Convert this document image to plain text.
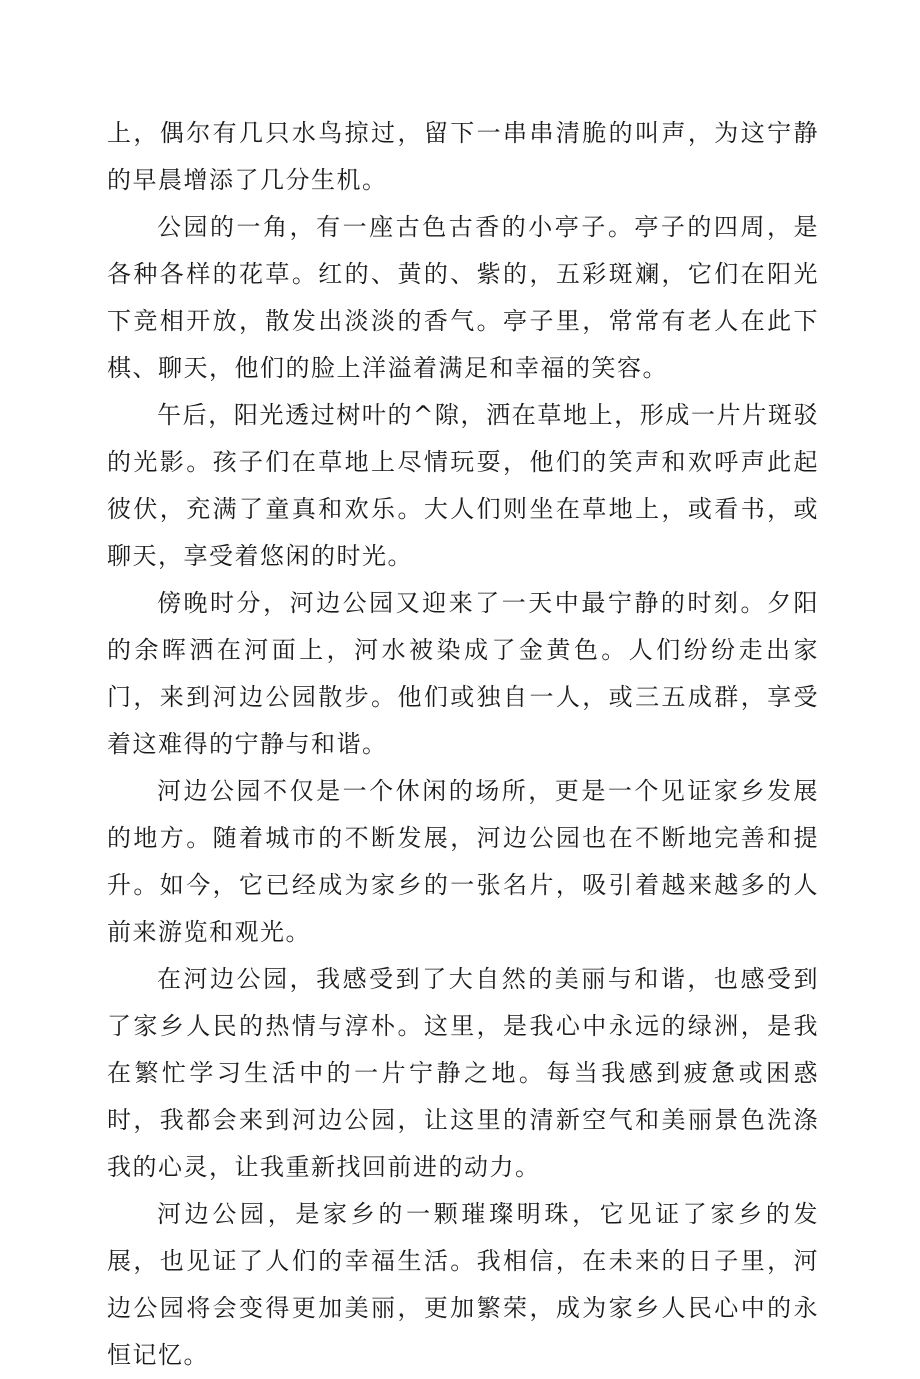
上，偶尔有几只水鸟掠过，留下一串串清脆的叫声，为这宁静的早晨增添了几分生机。

公园的一角，有一座古色古香的小亭子。亭子的四周，是各种各样的花草。红的、黄的、紫的，五彩斑斓，它们在阳光下竞相开放，散发出淡淡的香气。亭子里，常常有老人在此下棋、聊天，他们的脸上洋溢着满足和幸福的笑容。

午后，阳光透过树叶的^隙，洒在草地上，形成一片片斑驳的光影。孩子们在草地上尽情玩耍，他们的笑声和欢呼声此起彼伏，充满了童真和欢乐。大人们则坐在草地上，或看书，或聊天，享受着悠闲的时光。

傍晚时分，河边公园又迎来了一天中最宁静的时刻。夕阳的余晖洒在河面上，河水被染成了金黄色。人们纷纷走出家门，来到河边公园散步。他们或独自一人，或三五成群，享受着这难得的宁静与和谐。

河边公园不仅是一个休闲的场所，更是一个见证家乡发展的地方。随着城市的不断发展，河边公园也在不断地完善和提升。如今，它已经成为家乡的一张名片，吸引着越来越多的人前来游览和观光。

在河边公园，我感受到了大自然的美丽与和谐，也感受到了家乡人民的热情与淳朴。这里，是我心中永远的绿洲，是我在繁忙学习生活中的一片宁静之地。每当我感到疲惫或困惑时，我都会来到河边公园，让这里的清新空气和美丽景色洗涤我的心灵，让我重新找回前进的动力。

河边公园，是家乡的一颗璀璨明珠，它见证了家乡的发展，也见证了人们的幸福生活。我相信，在未来的日子里，河边公园将会变得更加美丽，更加繁荣，成为家乡人民心中的永恒记忆。
